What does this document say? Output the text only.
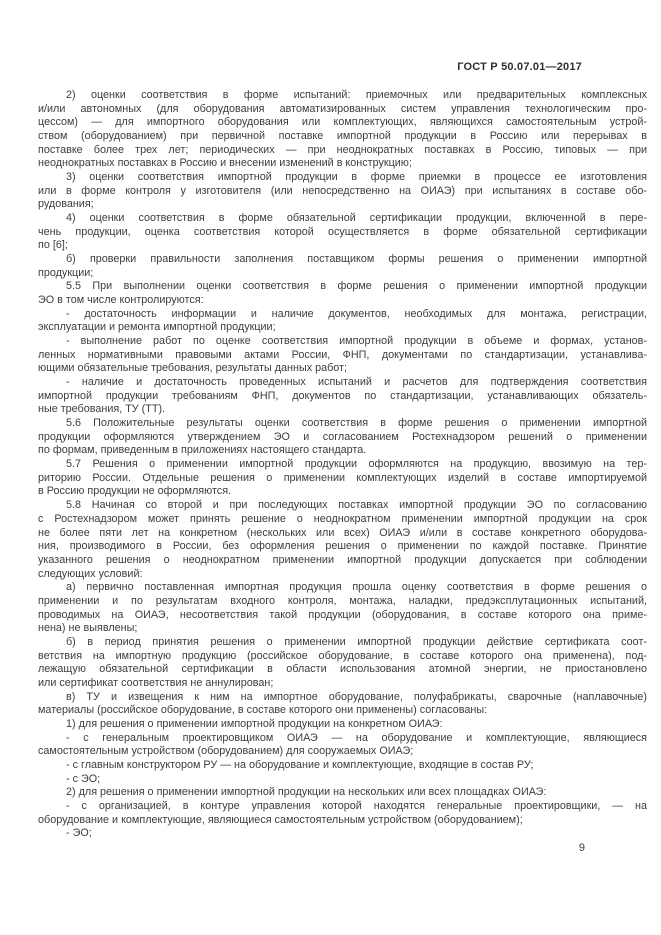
ГОСТ Р 50.07.01—2017
2) оценки соответствия в форме испытаний: приемочных или предварительных комплексных
и/или автономных (для оборудования автоматизированных систем управления технологическим про-
цессом) — для импортного оборудования или комплектующих, являющихся самостоятельным устрой-
ством (оборудованием) при первичной поставке импортной продукции в Россию или перерывах в
поставке более трех лет; периодических — при неоднократных поставках в Россию, типовых — при
неоднократных поставках в Россию и внесении изменений в конструкцию;
3) оценки соответствия импортной продукции в форме приемки в процессе ее изготовления
или в форме контроля у изготовителя (или непосредственно на ОИАЭ) при испытаниях в составе обо-
рудования;
4) оценки соответствия в форме обязательной сертификации продукции, включенной в пере-
чень продукции, оценка соответствия которой осуществляется в форме обязательной сертификации
по [6];
б) проверки правильности заполнения поставщиком формы решения о применении импортной
продукции;
5.5 При выполнении оценки соответствия в форме решения о применении импортной продукции
ЭО в том числе контролируются:
- достаточность информации и наличие документов, необходимых для монтажа, регистрации,
эксплуатации и ремонта импортной продукции;
- выполнение работ по оценке соответствия импортной продукции в объеме и формах, установ-
ленных нормативными правовыми актами России, ФНП, документами по стандартизации, устанавлива-
ющими обязательные требования, результаты данных работ;
- наличие и достаточность проведенных испытаний и расчетов для подтверждения соответствия
импортной продукции требованиям ФНП, документов по стандартизации, устанавливающих обязатель-
ные требования, ТУ (ТТ).
5.6 Положительные результаты оценки соответствия в форме решения о применении импортной
продукции оформляются утверждением ЭО и согласованием Ростехнадзором решений о применении
по формам, приведенным в приложениях настоящего стандарта.
5.7 Решения о применении импортной продукции оформляются на продукцию, ввозимую на тер-
риторию России. Отдельные решения о применении комплектующих изделий в составе импортируемой
в Россию продукции не оформляются.
5.8 Начиная со второй и при последующих поставках импортной продукции ЭО по согласованию
с Ростехнадзором может принять решение о неоднократном применении импортной продукции на срок
не более пяти лет на конкретном (нескольких или всех) ОИАЭ и/или в составе конкретного оборудова-
ния, производимого в России, без оформления решения о применении по каждой поставке. Принятие
указанного решения о неоднократном применении импортной продукции допускается при соблюдении
следующих условий:
а) первично поставленная импортная продукция прошла оценку соответствия в форме решения о
применении и по результатам входного контроля, монтажа, наладки, предэксплутационных испытаний,
проводимых на ОИАЭ, несоответствия такой продукции (оборудования, в составе которого она приме-
нена) не выявлены;
б) в период принятия решения о применении импортной продукции действие сертификата соот-
ветствия на импортную продукцию (российское оборудование, в составе которого она применена), под-
лежащую обязательной сертификации в области использования атомной энергии, не приостановлено
или сертификат соответствия не аннулирован;
в) ТУ и извещения к ним на импортное оборудование, полуфабрикаты, сварочные (наплавочные)
материалы (российское оборудование, в составе которого они применены) согласованы:
1) для решения о применении импортной продукции на конкретном ОИАЭ:
- с генеральным проектировщиком ОИАЭ — на оборудование и комплектующие, являющиеся
самостоятельным устройством (оборудованием) для сооружаемых ОИАЭ;
- с главным конструктором РУ — на оборудование и комплектующие, входящие в состав РУ;
- с ЭО;
2) для решения о применении импортной продукции на нескольких или всех площадках ОИАЭ:
- с организацией, в контуре управления которой находятся генеральные проектировщики, — на
оборудование и комплектующие, являющиеся самостоятельным устройством (оборудованием);
- ЭО;
9
